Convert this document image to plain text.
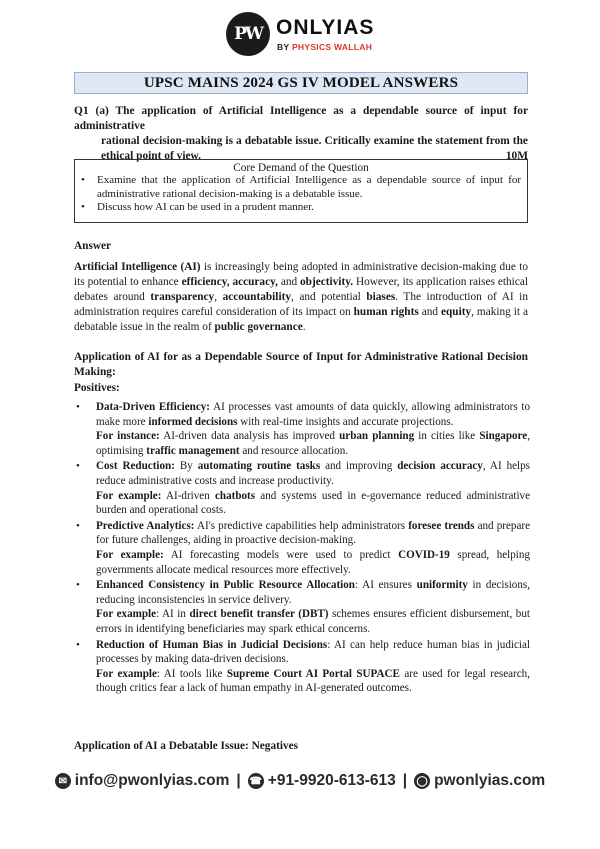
PW ONLYIAS
BY PHYSICS WALLAH
UPSC MAINS 2024 GS IV MODEL ANSWERS
Q1 (a) The application of Artificial Intelligence as a dependable source of input for administrative
rational decision-making is a debatable issue. Critically examine the statement from the ethical point of view.	10M
Core Demand of the Question
• Examine that the application of Artificial Intelligence as a dependable source of input for administrative rational decision-making is a debatable issue.
• Discuss how AI can be used in a prudent manner.
Answer
Artificial Intelligence (AI) is increasingly being adopted in administrative decision-making due to its potential to enhance efficiency, accuracy, and objectivity. However, its application raises ethical debates around transparency, accountability, and potential biases. The introduction of AI in administration requires careful consideration of its impact on human rights and equity, making it a debatable issue in the realm of public governance.
Application of AI for as a Dependable Source of Input for Administrative Rational Decision Making:
Positives:
• Data-Driven Efficiency: AI processes vast amounts of data quickly, allowing administrators to make more informed decisions with real-time insights and accurate projections.
For instance: AI-driven data analysis has improved urban planning in cities like Singapore, optimising traffic management and resource allocation.
• Cost Reduction: By automating routine tasks and improving decision accuracy, AI helps reduce administrative costs and increase productivity.
For example: AI-driven chatbots and systems used in e-governance reduced administrative burden and operational costs.
• Predictive Analytics: AI's predictive capabilities help administrators foresee trends and prepare for future challenges, aiding in proactive decision-making.
For example: AI forecasting models were used to predict COVID-19 spread, helping governments allocate medical resources more effectively.
• Enhanced Consistency in Public Resource Allocation: AI ensures uniformity in decisions, reducing inconsistencies in service delivery.
For example: AI in direct benefit transfer (DBT) schemes ensures efficient disbursement, but errors in identifying beneficiaries may spark ethical concerns.
• Reduction of Human Bias in Judicial Decisions: AI can help reduce human bias in judicial processes by making data-driven decisions.
For example: AI tools like Supreme Court AI Portal SUPACE are used for legal research, though critics fear a lack of human empathy in AI-generated outcomes.
Application of AI a Debatable Issue: Negatives
✉ info@pwonlyias.com | ☎ +91-9920-613-613 | ◯ pwonlyias.com
